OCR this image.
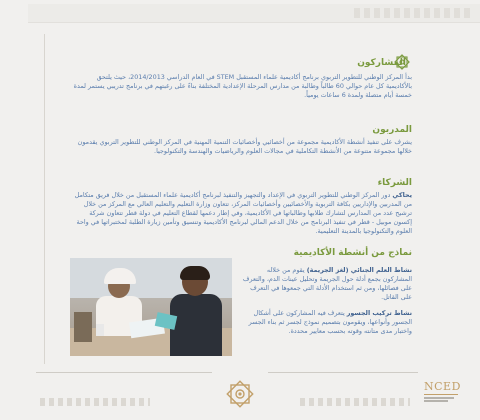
المشاركون
بدأ المركز الوطني للتطوير التربوي برنامج أكاديمية علماء المستقبل STEM في العام الدراسي 2014/2013، حيث يلتحق بالأكاديمية كل عام حوالي 60 طالباً وطالبة من مدارس المرحلة الإعدادية المختلفة بناءً على رغبتهم في برنامج تدريبي يستمر لمدة خمسة أيام متصلة ولمدة 6 ساعات يومياً.
المدربون
يشرف على تنفيذ أنشطة الأكاديمية مجموعة من أخصائيي وأخصائيات التنمية المهنية في المركز الوطني للتطوير التربوي يقدمون خلالها مجموعة متنوعة من الأنشطة التكاملية في مجالات العلوم والرياضيات والهندسة والتكنولوجيا.
الشركاء
يحاكي دور المركز الوطني للتطوير التربوي في الإعداد والتجهيز والتنفيذ لبرنامج أكاديمية علماء المستقبل من خلال فريق متكامل من المدربين والإداريين بكافة التربوية والأخصائيين وأخصائيات المركز، تتعاون وزارة التعليم والتعليم العالي مع المركز من خلال ترشيح عدد من المدارس لتشارك طلابها وطالباتها في الأكاديمية، وفي إطار دعمها لقطاع التعليم في دولة قطر تتعاون شركة إكسون موبيل - قطر في تنفيذ البرنامج من خلال الدعم المالي لبرنامج الأكاديمية وتنسيق وتأمين زيارة الطلبة لمختبراتها في واحة العلوم والتكنولوجيا بالمدينة التعليمية.
نماذج من أنشطة الأكاديمية
نشاط العلم الجنائي (لغز الجريمة) يقوم من خلاله المشاركون بجمع أدلة حول الجريمة وتحليل عينات الدم، والتعرف على فصائلها، ومن ثم استخدام الأدلة التي جمعوها في التعرف على القاتل.
نشاط تركيب الجسور يتعرف فيه المشاركون على أشكال الجسور وأنواعها، ويقومون بتصميم نموذج لجسر ثم بناء الجسر واختبار مدى متانته وقوته بحسب معايير محددة.
NCED
